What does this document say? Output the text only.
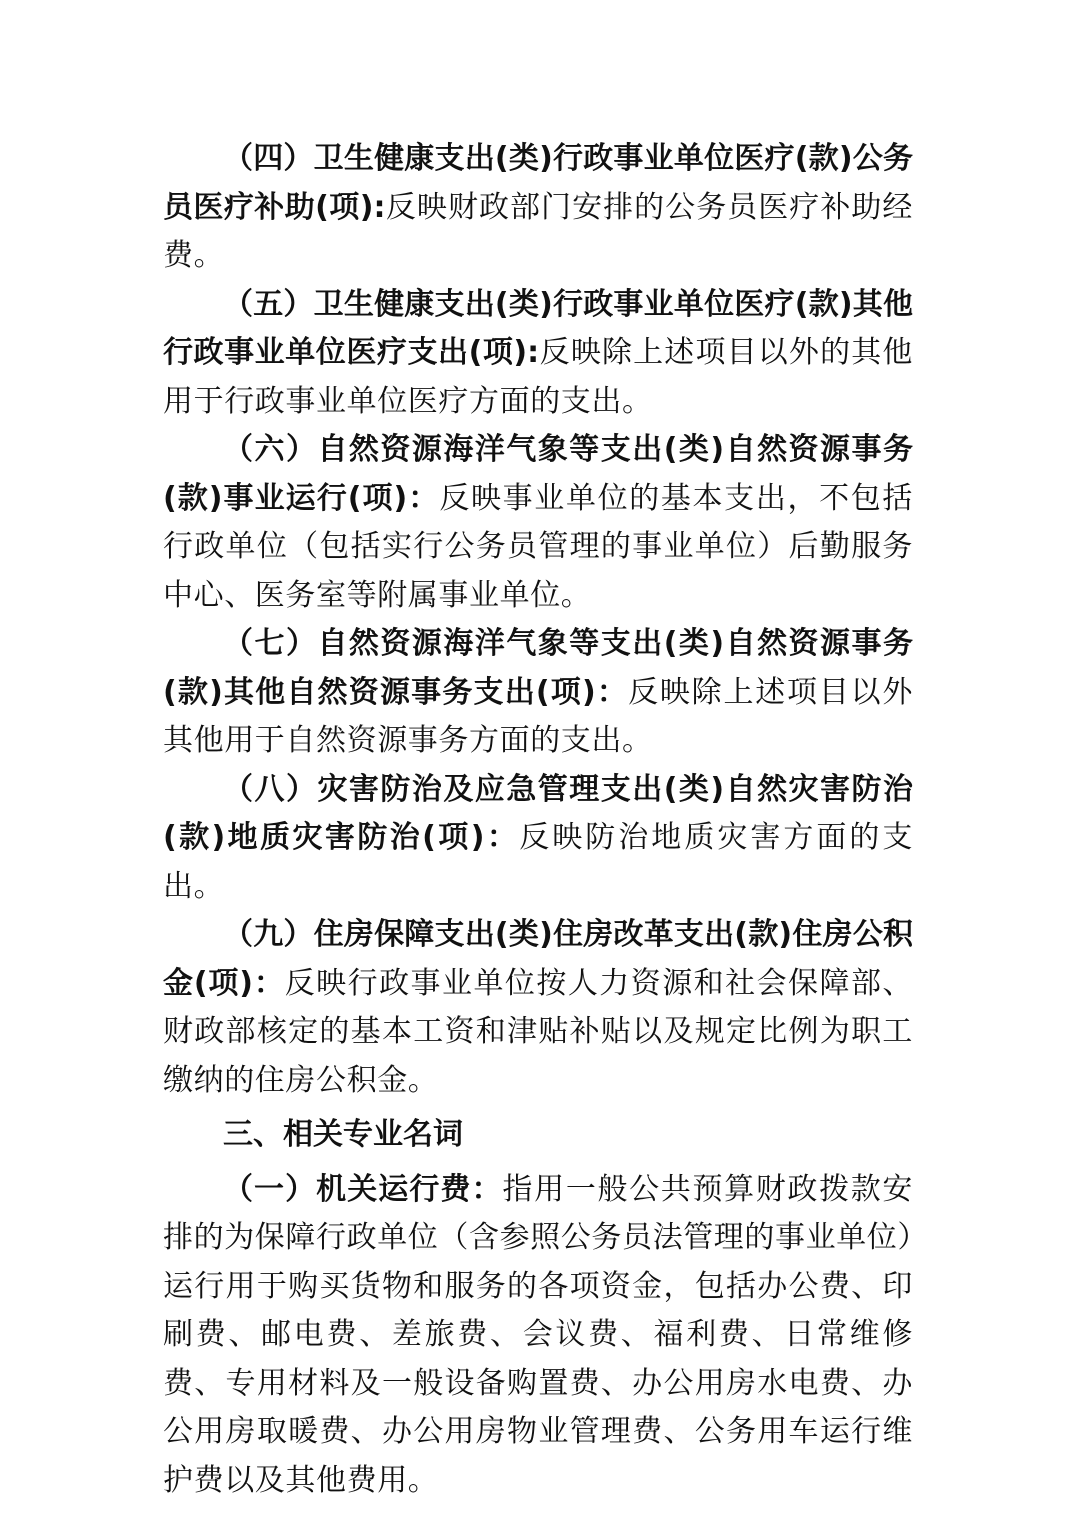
（四）卫生健康支出(类)行政事业单位医疗(款)公务员医疗补助(项):反映财政部门安排的公务员医疗补助经费。

（五）卫生健康支出(类)行政事业单位医疗(款)其他行政事业单位医疗支出(项):反映除上述项目以外的其他用于行政事业单位医疗方面的支出。

（六）自然资源海洋气象等支出(类)自然资源事务(款)事业运行(项)：反映事业单位的基本支出，不包括行政单位（包括实行公务员管理的事业单位）后勤服务中心、医务室等附属事业单位。

（七）自然资源海洋气象等支出(类)自然资源事务(款)其他自然资源事务支出(项)：反映除上述项目以外其他用于自然资源事务方面的支出。

（八）灾害防治及应急管理支出(类)自然灾害防治(款)地质灾害防治(项)：反映防治地质灾害方面的支出。

（九）住房保障支出(类)住房改革支出(款)住房公积金(项)：反映行政事业单位按人力资源和社会保障部、财政部核定的基本工资和津贴补贴以及规定比例为职工缴纳的住房公积金。

三、相关专业名词

（一）机关运行费：指用一般公共预算财政拨款安排的为保障行政单位（含参照公务员法管理的事业单位）运行用于购买货物和服务的各项资金，包括办公费、印刷费、邮电费、差旅费、会议费、福利费、日常维修费、专用材料及一般设备购置费、办公用房水电费、办公用房取暖费、办公用房物业管理费、公务用车运行维护费以及其他费用。
